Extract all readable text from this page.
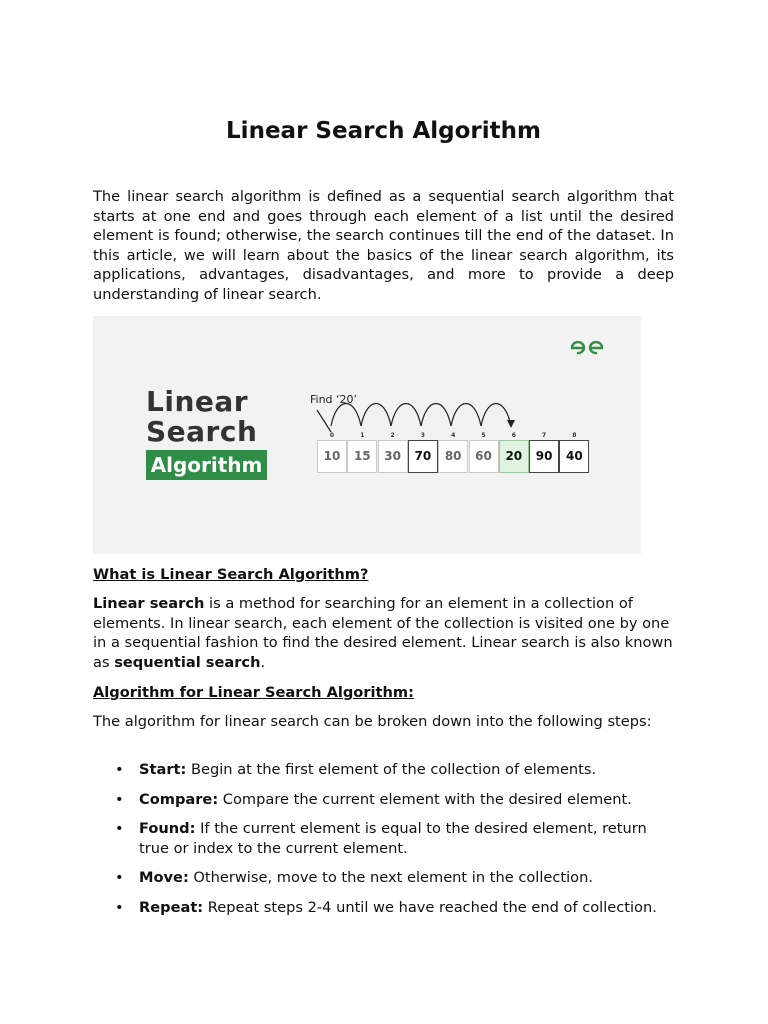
Linear Search Algorithm

The linear search algorithm is defined as a sequential search algorithm that starts at one end and goes through each element of a list until the desired element is found; otherwise, the search continues till the end of the dataset. In this article, we will learn about the basics of the linear search algorithm, its applications, advantages, disadvantages, and more to provide a deep understanding of linear search.

Linear
Search
Algorithm
Find ‘20’
0	1	2	3	4	5	6	7	8
10	15	30	70	80	60	20	90	40
What is Linear Search Algorithm?

Linear search is a method for searching for an element in a collection of elements. In linear search, each element of the collection is visited one by one in a sequential fashion to find the desired element. Linear search is also known as sequential search.

Algorithm for Linear Search Algorithm:

The algorithm for linear search can be broken down into the following steps:

• Start: Begin at the first element of the collection of elements.
• Compare: Compare the current element with the desired element.
• Found: If the current element is equal to the desired element, return true or index to the current element.
• Move: Otherwise, move to the next element in the collection.
• Repeat: Repeat steps 2-4 until we have reached the end of collection.
